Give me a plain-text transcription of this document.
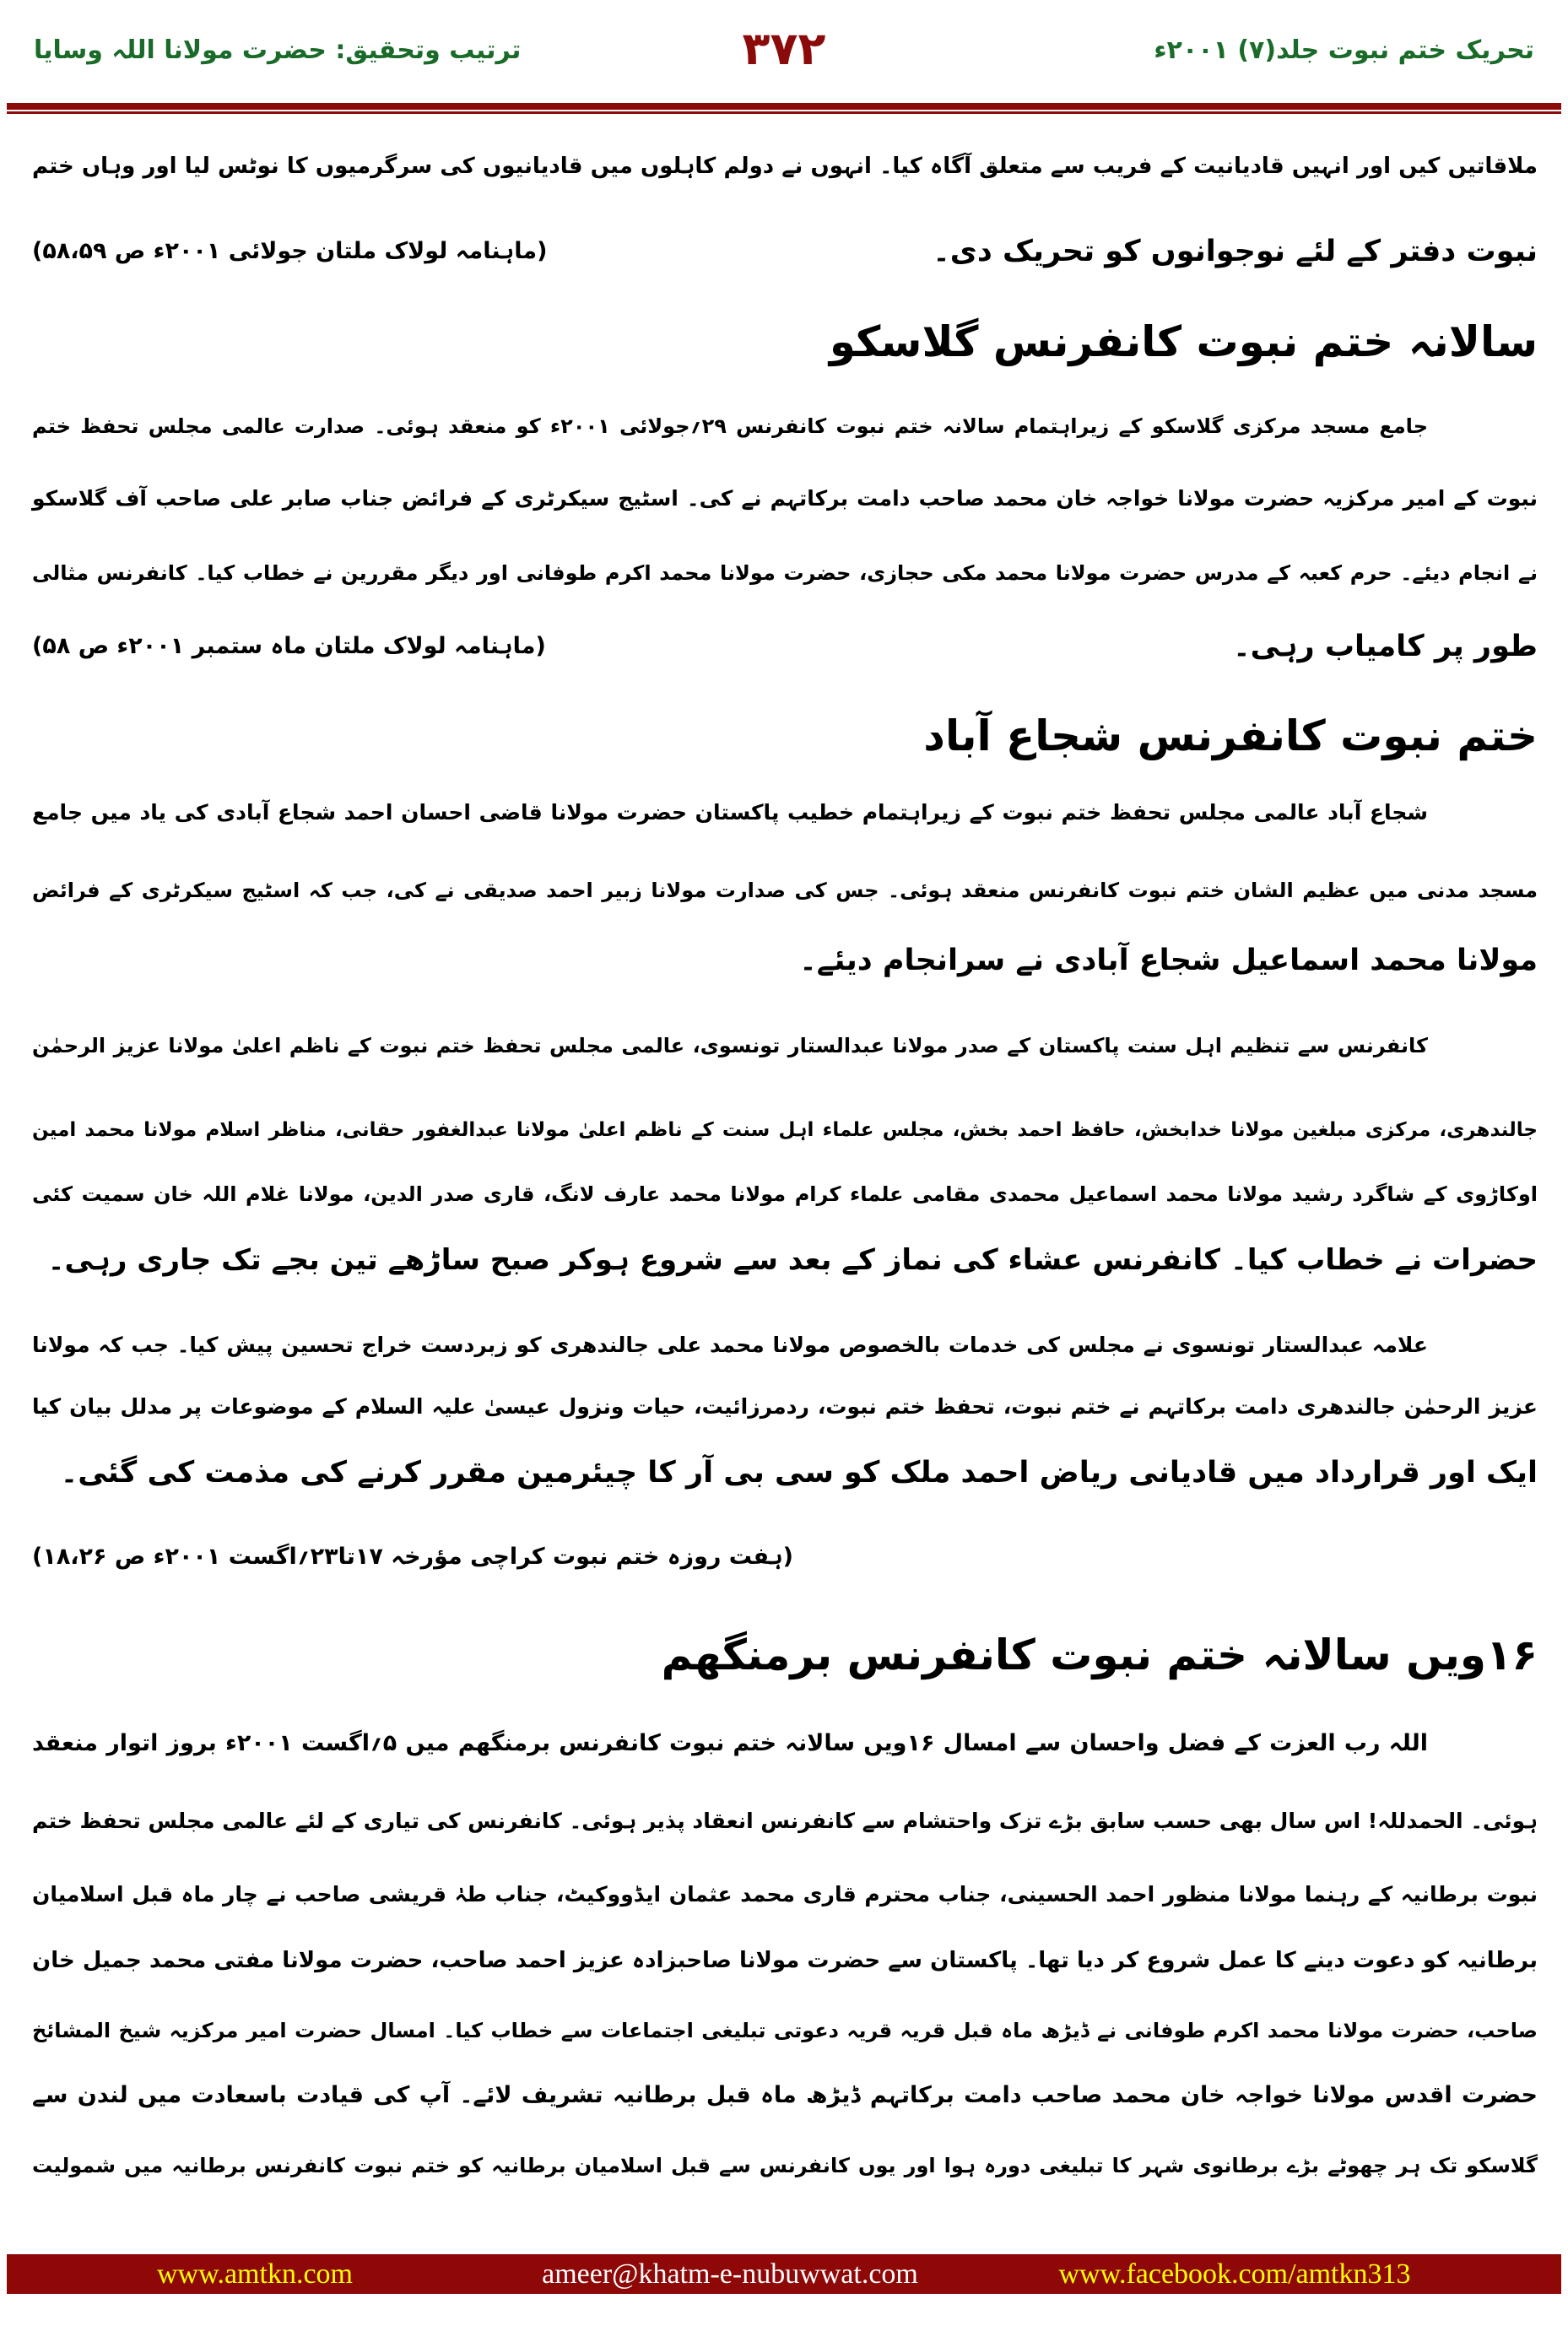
تحریک ختم نبوت جلد(۷) ۲۰۰۱ء
۳۷۲
ترتیب وتحقیق: حضرت مولانا اللہ وسایا
ملاقاتیں کیں اور انہیں قادیانیت کے فریب سے متعلق آگاہ کیا۔ انہوں نے دولم کاہلوں میں قادیانیوں کی سرگرمیوں کا نوٹس لیا اور وہاں ختم
نبوت دفتر کے لئے نوجوانوں کو تحریک دی۔
(ماہنامہ لولاک ملتان جولائی ۲۰۰۱ء ص ۵۸،۵۹)
سالانہ ختم نبوت کانفرنس گلاسکو
جامع مسجد مرکزی گلاسکو کے زیراہتمام سالانہ ختم نبوت کانفرنس ۲۹؍جولائی ۲۰۰۱ء کو منعقد ہوئی۔ صدارت عالمی مجلس تحفظ ختم
نبوت کے امیر مرکزیہ حضرت مولانا خواجہ خان محمد صاحب دامت برکاتہم نے کی۔ اسٹیج سیکرٹری کے فرائض جناب صابر علی صاحب آف گلاسکو
نے انجام دیئے۔ حرم کعبہ کے مدرس حضرت مولانا محمد مکی حجازی، حضرت مولانا محمد اکرم طوفانی اور دیگر مقررین نے خطاب کیا۔ کانفرنس مثالی
طور پر کامیاب رہی۔
(ماہنامہ لولاک ملتان ماہ ستمبر ۲۰۰۱ء ص ۵۸)
ختم نبوت کانفرنس شجاع آباد
شجاع آباد عالمی مجلس تحفظ ختم نبوت کے زیراہتمام خطیب پاکستان حضرت مولانا قاضی احسان احمد شجاع آبادی کی یاد میں جامع
مسجد مدنی میں عظیم الشان ختم نبوت کانفرنس منعقد ہوئی۔ جس کی صدارت مولانا زبیر احمد صدیقی نے کی، جب کہ اسٹیج سیکرٹری کے فرائض
مولانا محمد اسماعیل شجاع آبادی نے سرانجام دیئے۔
کانفرنس سے تنظیم اہل سنت پاکستان کے صدر مولانا عبدالستار تونسوی، عالمی مجلس تحفظ ختم نبوت کے ناظم اعلیٰ مولانا عزیز الرحمٰن
جالندھری، مرکزی مبلغین مولانا خدابخش، حافظ احمد بخش، مجلس علماء اہل سنت کے ناظم اعلیٰ مولانا عبدالغفور حقانی، مناظر اسلام مولانا محمد امین
اوکاڑوی کے شاگرد رشید مولانا محمد اسماعیل محمدی مقامی علماء کرام مولانا محمد عارف لانگ، قاری صدر الدین، مولانا غلام اللہ خان سمیت کئی
حضرات نے خطاب کیا۔ کانفرنس عشاء کی نماز کے بعد سے شروع ہوکر صبح ساڑھے تین بجے تک جاری رہی۔
علامہ عبدالستار تونسوی نے مجلس کی خدمات بالخصوص مولانا محمد علی جالندھری کو زبردست خراج تحسین پیش کیا۔ جب کہ مولانا
عزیز الرحمٰن جالندھری دامت برکاتہم نے ختم نبوت، تحفظ ختم نبوت، ردمرزائیت، حیات ونزول عیسیٰ علیہ السلام کے موضوعات پر مدلل بیان کیا
ایک اور قرارداد میں قادیانی ریاض احمد ملک کو سی بی آر کا چیئرمین مقرر کرنے کی مذمت کی گئی۔
(ہفت روزہ ختم نبوت کراچی مؤرخہ ۱۷تا۲۳؍اگست ۲۰۰۱ء ص ۱۸،۲۶)
۱۶ویں سالانہ ختم نبوت کانفرنس برمنگھم
اللہ رب العزت کے فضل واحسان سے امسال ۱۶ویں سالانہ ختم نبوت کانفرنس برمنگھم میں ۵؍اگست ۲۰۰۱ء بروز اتوار منعقد
ہوئی۔ الحمدللہ! اس سال بھی حسب سابق بڑے تزک واحتشام سے کانفرنس انعقاد پذیر ہوئی۔ کانفرنس کی تیاری کے لئے عالمی مجلس تحفظ ختم
نبوت برطانیہ کے رہنما مولانا منظور احمد الحسینی، جناب محترم قاری محمد عثمان ایڈووکیٹ، جناب طہٰ قریشی صاحب نے چار ماہ قبل اسلامیان
برطانیہ کو دعوت دینے کا عمل شروع کر دیا تھا۔ پاکستان سے حضرت مولانا صاحبزادہ عزیز احمد صاحب، حضرت مولانا مفتی محمد جمیل خان
صاحب، حضرت مولانا محمد اکرم طوفانی نے ڈیڑھ ماہ قبل قریہ قریہ دعوتی تبلیغی اجتماعات سے خطاب کیا۔ امسال حضرت امیر مرکزیہ شیخ المشائخ
حضرت اقدس مولانا خواجہ خان محمد صاحب دامت برکاتہم ڈیڑھ ماہ قبل برطانیہ تشریف لائے۔ آپ کی قیادت باسعادت میں لندن سے
گلاسکو تک ہر چھوٹے بڑے برطانوی شہر کا تبلیغی دورہ ہوا اور یوں کانفرنس سے قبل اسلامیان برطانیہ کو ختم نبوت کانفرنس برطانیہ میں شمولیت
www.amtkn.com	ameer@khatm-e-nubuwwat.com	www.facebook.com/amtkn313
